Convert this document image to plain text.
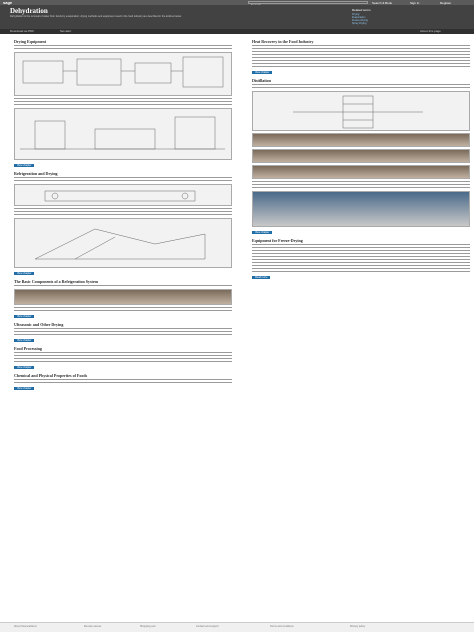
sage	Search & Book	Sign In	Register
Dehydration
Dehydration is the removal of water from foods by evaporation; drying methods and equipment used in the food industry are described in the articles below.
Related terms
Drying
Evaporation
Freeze-Drying
Spray Drying
Download as PDF	Set alert	About this page
Drying Equipment
View chapter
Refrigeration and Drying
View chapter
The Basic Components of a Refrigeration System
View chapter
Ultrasonic and Other Drying
View chapter
Food Processing
View chapter
Chemical and Physical Properties of Foods
View chapter
Heat Recovery in the Food Industry
View chapter
Distillation
View chapter
Equipment for Freeze-Drying
Read more
About ScienceDirect	Remote access	Shopping cart	Contact and support	Terms and conditions	Privacy policy
